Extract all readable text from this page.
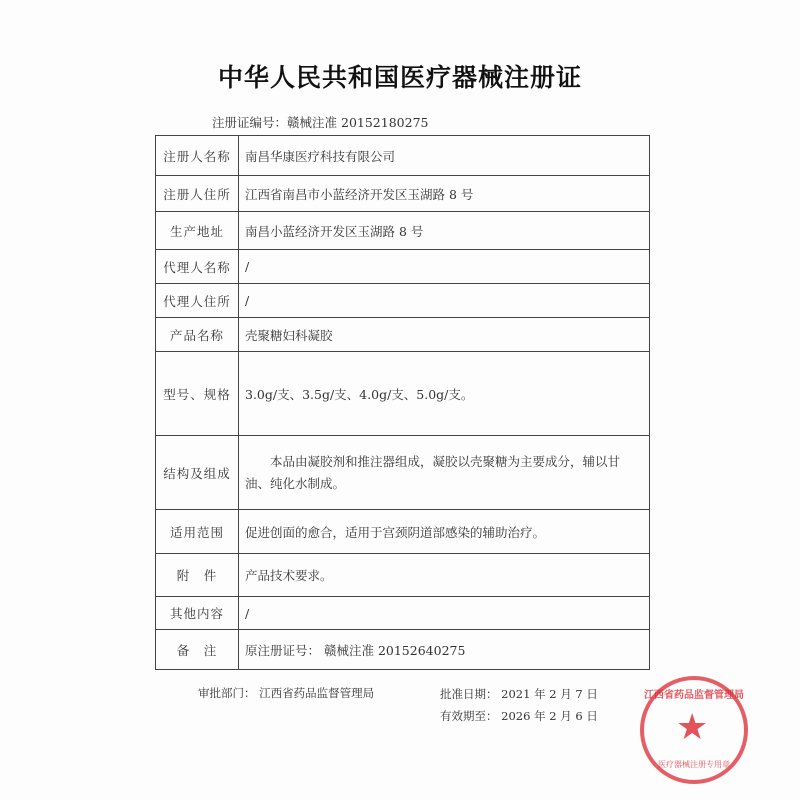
中华人民共和国医疗器械注册证
注册证编号：赣械注准 20152180275
注册人名称	南昌华康医疗科技有限公司
注册人住所	江西省南昌市小蓝经济开发区玉湖路 8 号
生产地址	南昌小蓝经济开发区玉湖路 8 号
代理人名称	/
代理人住所	/
产品名称	壳聚糖妇科凝胶
型号、规格	3.0g/支、3.5g/支、4.0g/支、5.0g/支。
结构及组成	本品由凝胶剂和推注器组成，凝胶以壳聚糖为主要成分，辅以甘油、纯化水制成。
适用范围	促进创面的愈合，适用于宫颈阴道部感染的辅助治疗。
附　件	产品技术要求。
其他内容	/
备　注	原注册证号： 赣械注准 20152640275
审批部门： 江西省药品监督管理局	批准日期： 2021 年 2 月 7 日
有效期至： 2026 年 2 月 6 日
江西省药品监督管理局
★
医疗器械注册专用章
